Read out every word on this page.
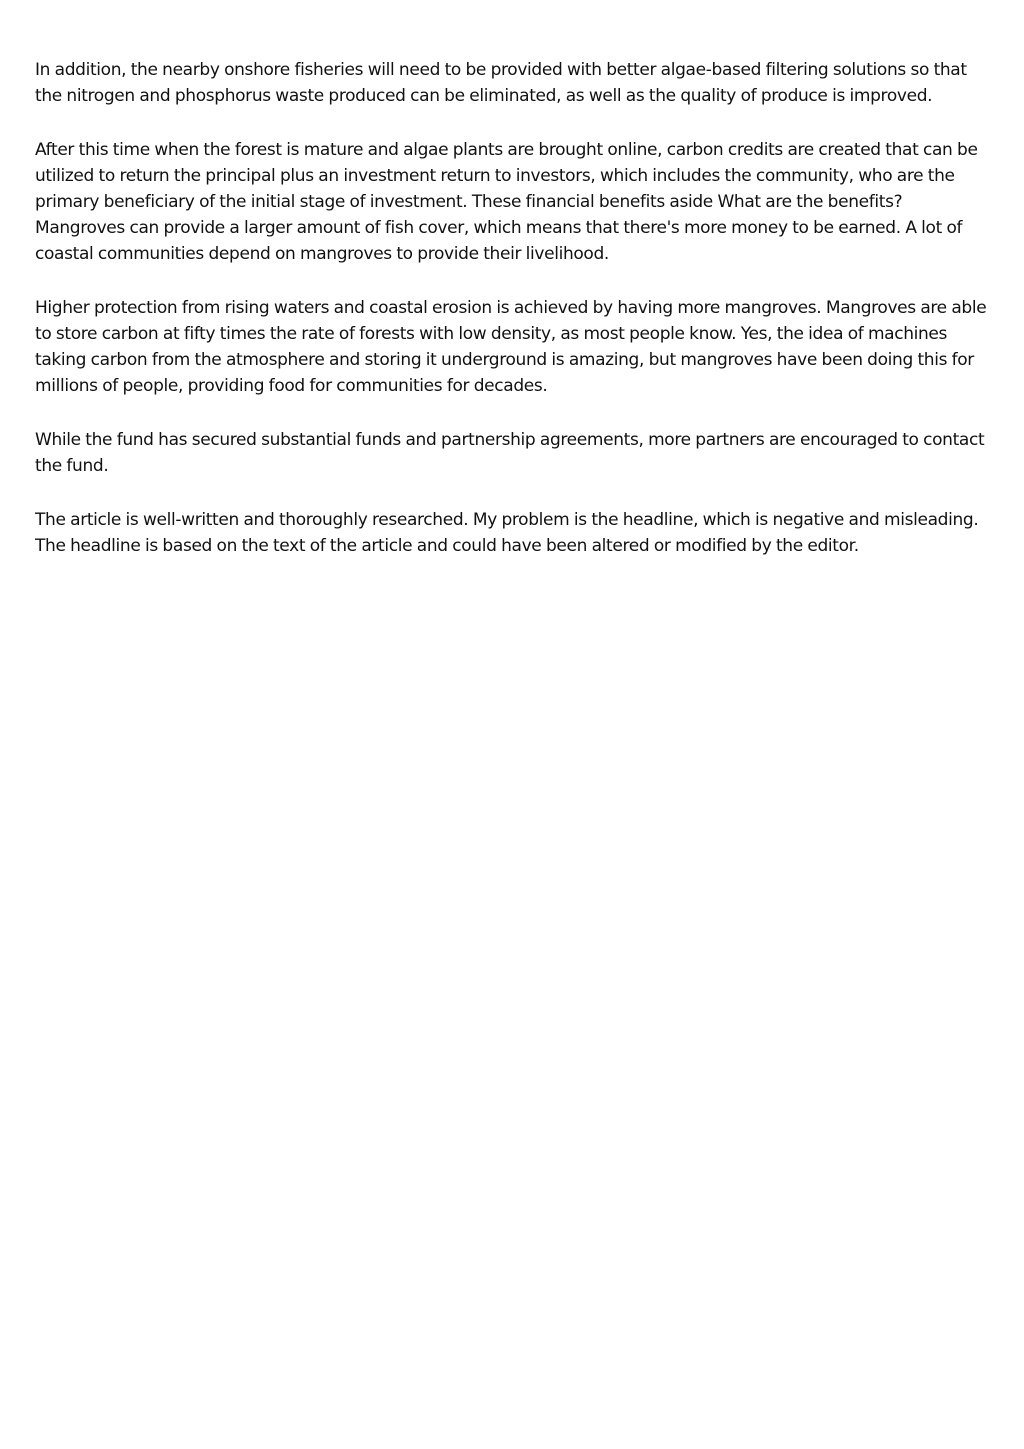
In addition, the nearby onshore fisheries will need to be provided with better algae-based filtering solutions so that the nitrogen and phosphorus waste produced can be eliminated, as well as the quality of produce is improved.

After this time when the forest is mature and algae plants are brought online, carbon credits are created that can be utilized to return the principal plus an investment return to investors, which includes the community, who are the primary beneficiary of the initial stage of investment. These financial benefits aside What are the benefits? Mangroves can provide a larger amount of fish cover, which means that there's more money to be earned. A lot of coastal communities depend on mangroves to provide their livelihood.

Higher protection from rising waters and coastal erosion is achieved by having more mangroves. Mangroves are able to store carbon at fifty times the rate of forests with low density, as most people know. Yes, the idea of machines taking carbon from the atmosphere and storing it underground is amazing, but mangroves have been doing this for millions of people, providing food for communities for decades.

While the fund has secured substantial funds and partnership agreements, more partners are encouraged to contact the fund.

The article is well-written and thoroughly researched. My problem is the headline, which is negative and misleading. The headline is based on the text of the article and could have been altered or modified by the editor.
